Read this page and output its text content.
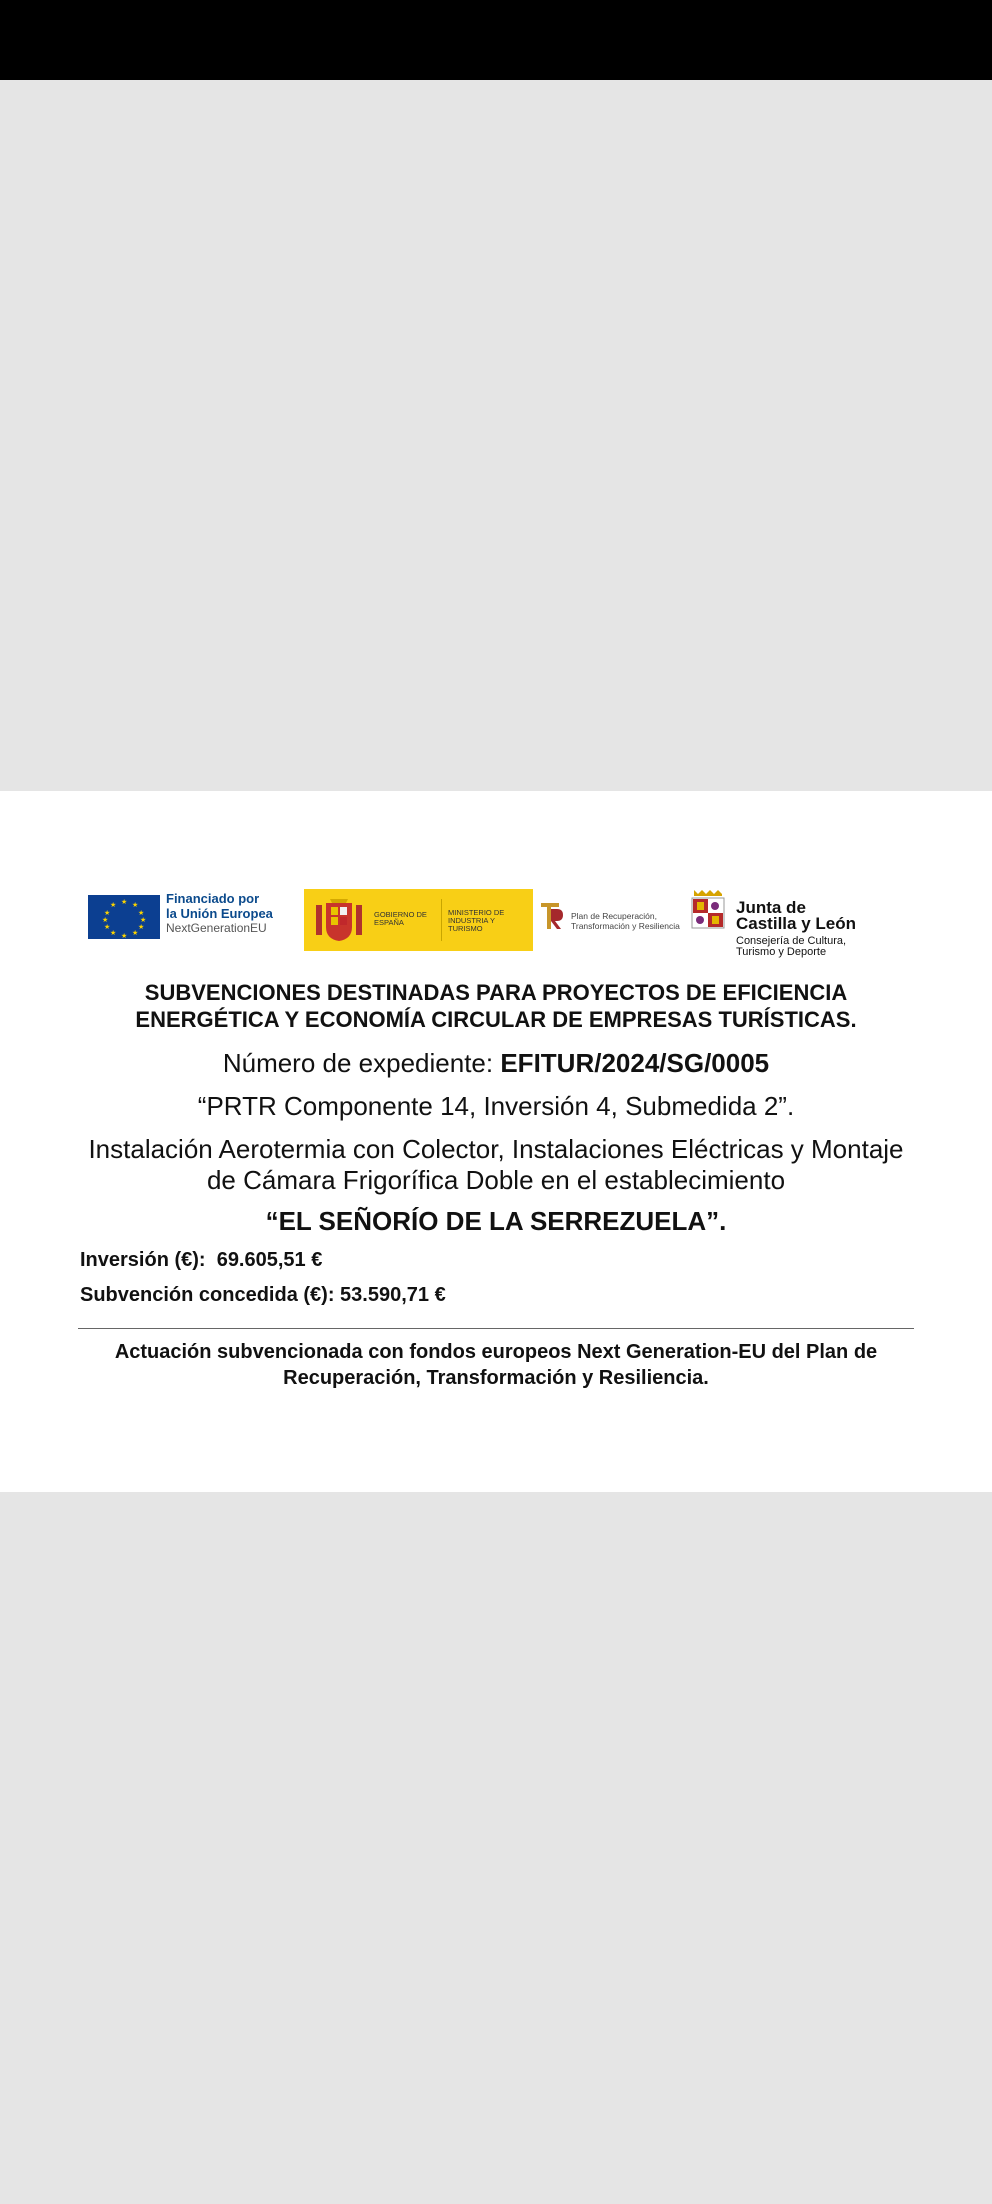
★ ★
★
★
★
★
★
★
★
★
★
★	Financiado por
la Unión Europea
NextGenerationEU
GOBIERNO DE ESPAÑA
MINISTERIO DE INDUSTRIA Y TURISMO
Plan de Recuperación,
Transformación y Resiliencia
Junta de
Castilla y León
Consejería de Cultura,
Turismo y Deporte
SUBVENCIONES DESTINADAS PARA PROYECTOS DE EFICIENCIA
ENERGÉTICA Y ECONOMÍA CIRCULAR DE EMPRESAS TURÍSTICAS.
Número de expediente: EFITUR/2024/SG/0005
“PRTR Componente 14, Inversión 4, Submedida 2”.
Instalación Aerotermia con Colector, Instalaciones Eléctricas y Montaje
de Cámara Frigorífica Doble en el establecimiento
“EL SEÑORÍO DE LA SERREZUELA”.
Inversión (€):  69.605,51 €
Subvención concedida (€): 53.590,71 €
Actuación subvencionada con fondos europeos Next Generation-EU del Plan de
Recuperación, Transformación y Resiliencia.
